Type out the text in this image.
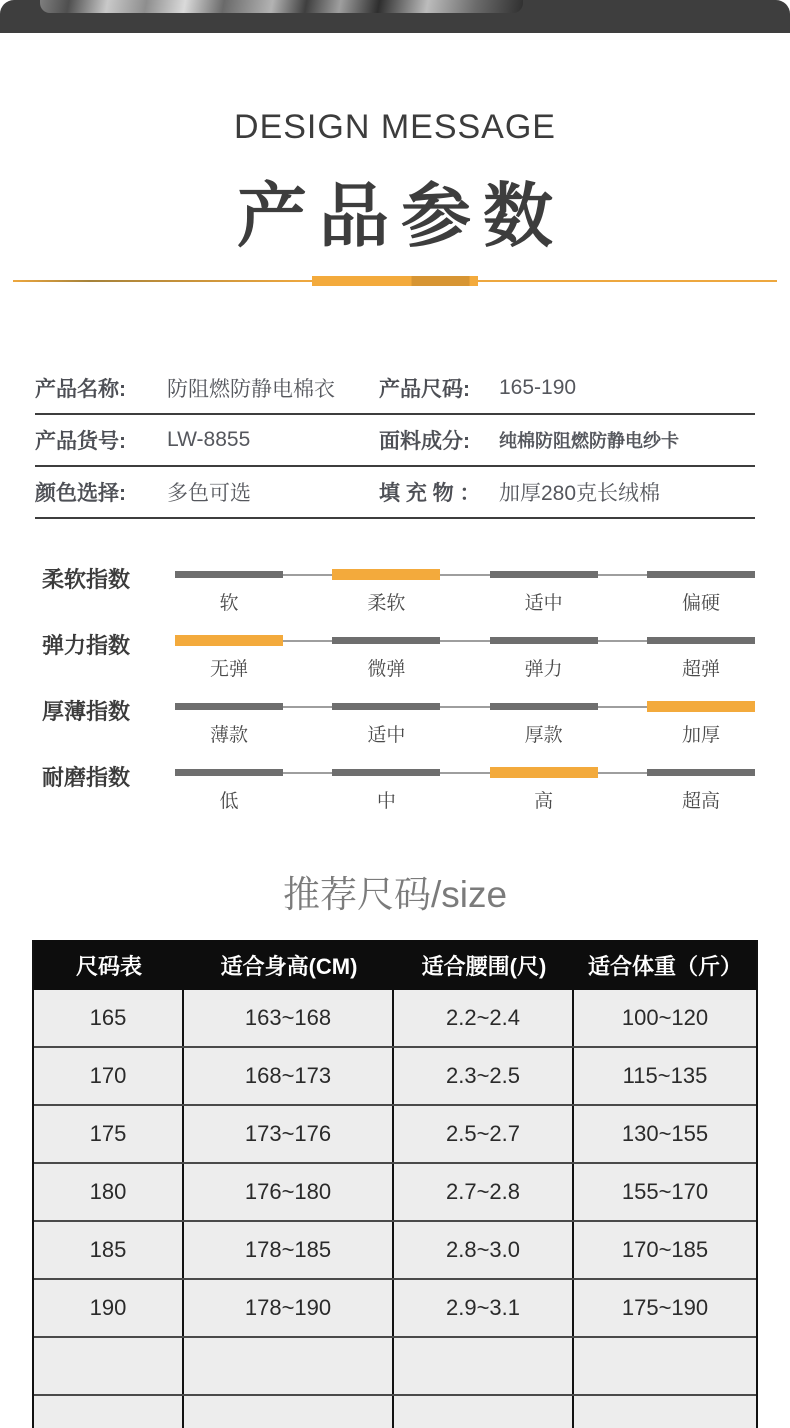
DESIGN MESSAGE
产品参数
产品名称:	防阻燃防静电棉衣	产品尺码:	165-190
产品货号:	LW-8855	面料成分:	纯棉防阻燃防静电纱卡
颜色选择:	多色可选	填 充 物 ： 加厚280克长绒棉
柔软指数
软	柔软	适中	偏硬
弹力指数
无弹	微弹	弹力	超弹
厚薄指数
薄款	适中	厚款	加厚
耐磨指数
低	中	高	超高
推荐尺码/size
尺码表	适合身高(CM)	适合腰围(尺)	适合体重（斤）
165	163~168	2.2~2.4	100~120
170	168~173	2.3~2.5	115~135
175	173~176	2.5~2.7	130~155
180	176~180	2.7~2.8	155~170
185	178~185	2.8~3.0	170~185
190	178~190	2.9~3.1	175~190
